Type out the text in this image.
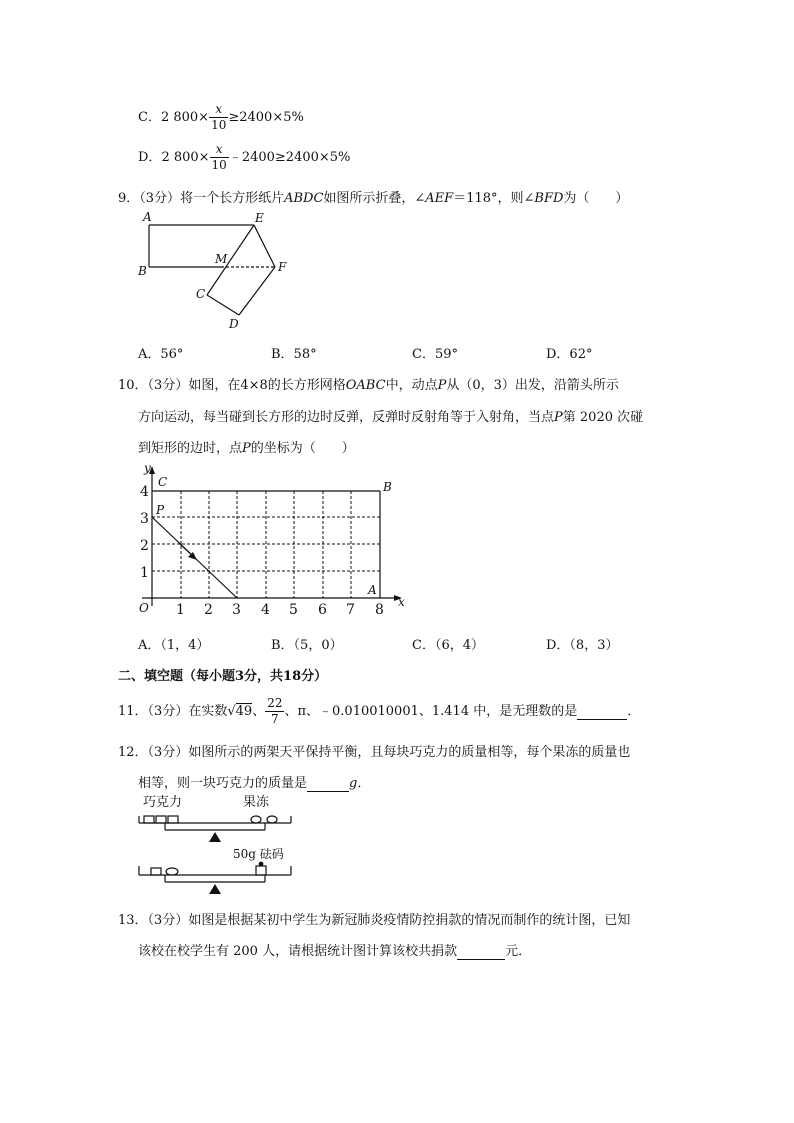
C．2 $800\times \frac{x}{10} \ge 2400\times 5\%$
D．2 $800\times \frac{x}{10}$ ﹣2400≥2400×5%
9．（3分）将一个长方形纸片ABDC如图所示折叠，∠AEF＝118°，则∠BFD为（　　）
A
B
E
F
M
C
D
A．56°	B．58°	C．59°	D．62°
10．（3分）如图，在4×8的长方形网格OABC中，动点P从（0，3）出发，沿箭头所示
方向运动，每当碰到长方形的边时反弹，反弹时反射角等于入射角，当点P第 2020 次碰
到矩形的边时，点P的坐标为（　　）
1 2 3 4 5 6 7 8
1
2
3
4
O	x
y
C	B
P
A
A．（1，4）	B．（5，0）	C．（6，4）	D．（8，3）
二、填空题（每小题3分，共18分）
11．（3分）在实数√49、 $\frac{22}{7}$ 、π、﹣0.010010001、1.414 中，是无理数的是	．
12．（3分）如图所示的两架天平保持平衡，且每块巧克力的质量相等，每个果冻的质量也
相等，则一块巧克力的质量是	g．
巧克力	果冻
50g 砝码
13．（3分）如图是根据某初中学生为新冠肺炎疫情防控捐款的情况而制作的统计图，已知
该校在校学生有 200 人，请根据统计图计算该校共捐款	元．
